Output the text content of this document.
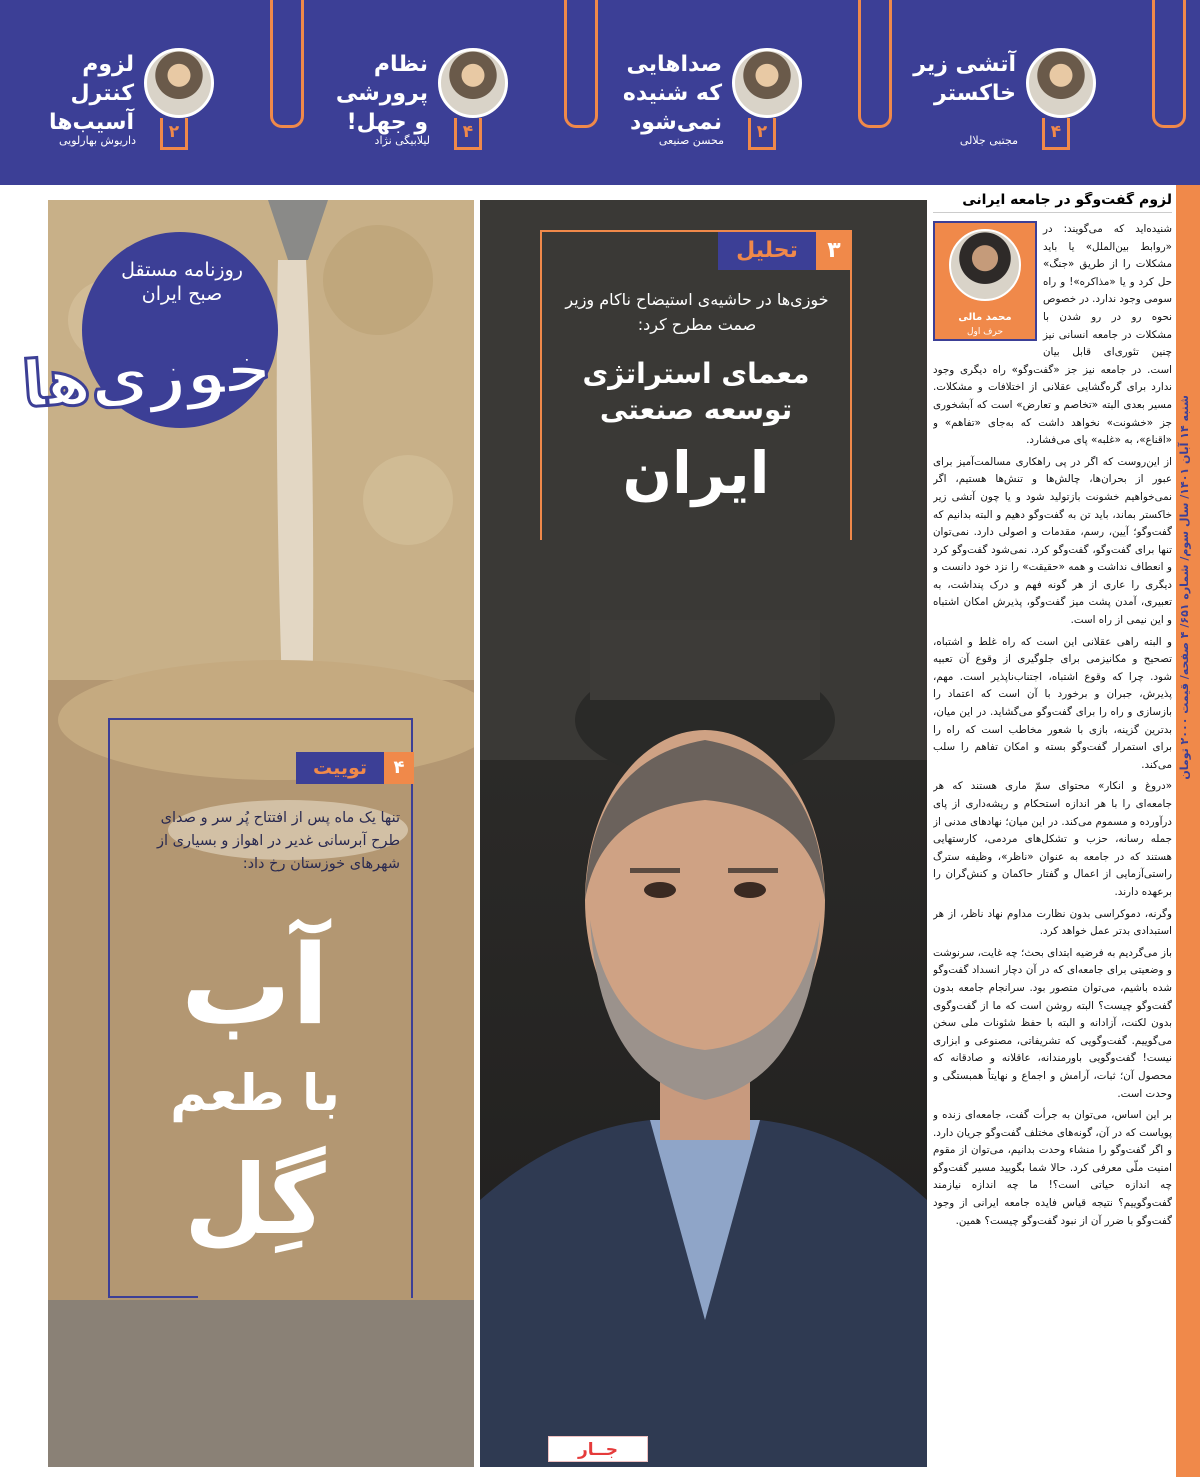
۴
آتشی زیر خاکستر
مجتبی جلالی
۲
صداهایی که شنیده نمی‌شود
محسن صنیعی
۴
نظام پرورشی و جهل!
لیلابیگی نژاد
۲
لزوم کنترل آسیب‌ها
داریوش بهارلویی
شنبه ۱۴ آبان ۱۴۰۱/ سال سوم/ شماره ۶۵۱/ ۴ صفحه/ قیمت ۲۰۰۰ تومان
لزوم گفت‌وگو در جامعه ایرانی
محمد مالی
حرف اول

شنیده‌اید که می‌گویند: در «روابط بین‌الملل» یا باید مشکلات را از طریق «جنگ» حل کرد و یا «مذاکره»! و راه سومی وجود ندارد. در خصوص نحوه رو در رو شدن با مشکلات در جامعه انسانی نیز چنین تئوری‌ای قابل بیان است. در جامعه نیز جز «گفت‌وگو» راه دیگری وجود ندارد برای گره‌گشایی عقلانی از اختلافات و مشکلات. مسیر بعدی البته «تخاصم و تعارض» است که آبشخوری جز «خشونت» نخواهد داشت که به‌جای «تفاهم» و «اقناع»، به «غلبه» پای می‌فشارد.

از این‌روست که اگر در پی راهکاری مسالمت‌آمیز برای عبور از بحران‌ها، چالش‌ها و تنش‌ها هستیم، اگر نمی‌خواهیم خشونت بازتولید شود و یا چون آتشی زیر خاکستر بماند، باید تن به گفت‌وگو دهیم و البته بدانیم که گفت‌وگو؛ آیین، رسم، مقدمات و اصولی دارد. نمی‌توان تنها برای گفت‌وگو، گفت‌وگو کرد. نمی‌شود گفت‌وگو کرد و انعطاف نداشت و همه «حقیقت» را نزد خود دانست و دیگری را عاری از هر گونه فهم و درک پنداشت، به تعبیری، آمدن پشت میز گفت‌وگو، پذیرش امکان اشتباه و این نیمی از راه است.

و البته راهی عقلانی این است که راه غلط و اشتباه، تصحیح و مکانیزمی برای جلوگیری از وقوع آن تعبیه شود. چرا که وقوع اشتباه، اجتناب‌ناپذیر است. مهم، پذیرش، جبران و برخورد با آن است که اعتماد را بازسازی و راه را برای گفت‌وگو می‌گشاید. در این میان، بدترین گزینه، بازی با شعور مخاطب است که راه را برای استمرار گفت‌وگو بسته و امکان تفاهم را سلب می‌کند.

«دروغ و انکار» محتوای سمّ ماری هستند که هر جامعه‌ای را با هر اندازه استحکام و ریشه‌داری از پای درآورده و مسموم می‌کند. در این میان؛ نهادهای مدنی از جمله رسانه، حزب و تشکل‌های مردمی، کارستهایی هستند که در جامعه به عنوان «ناظر»، وظیفه سترگ راستی‌آزمایی از اعمال و گفتار حاکمان و کنش‌گران را برعهده دارند.

وگرنه، دموکراسی بدون نظارت مداوم نهاد ناظر، از هر استبدادی بدتر عمل خواهد کرد.

باز می‌گردیم به فرضیه ابتدای بحث؛ چه غایت، سرنوشت و وضعیتی برای جامعه‌ای که در آن دچار انسداد گفت‌وگو شده باشیم، می‌توان متصور بود. سرانجام جامعه بدون گفت‌وگو چیست؟ البته روشن است که ما از گفت‌وگوی بدون لکنت، آزادانه و البته با حفظ شئونات ملی سخن می‌گوییم. گفت‌وگویی که تشریفاتی، مصنوعی و ابزاری نیست! گفت‌وگویی باورمندانه، عاقلانه و صادقانه که محصول آن؛ ثبات، آرامش و اجماع و نهایتاً همبستگی و وحدت است.

بر این اساس، می‌توان به جرأت گفت، جامعه‌ای زنده و پویاست که در آن، گونه‌های مختلف گفت‌وگو جریان دارد. و اگر گفت‌وگو را منشاء وحدت بدانیم، می‌توان از مقوم امنیت ملّی معرفی کرد. حالا شما بگویید مسیر گفت‌وگو چه اندازه حیاتی است؟! ما چه اندازه نیازمند گفت‌وگوییم؟ نتیجه قیاس فایده جامعه ایرانی از وجود گفت‌وگو با ضرر آن از نبود گفت‌وگو چیست؟ همین.

۳
تحلیل
خوزی‌ها در حاشیه‌ی استیضاح ناکام وزیر صمت مطرح کرد:
معمای استراتژی توسعه صنعتی
ایران
روزنامه مستقل صبح ایران
خوزی‌ها
۴
توییت
تنها یک ماه پس از افتتاح پُر سر و صدای طرح آبرسانی غدیر در اهواز و بسیاری از شهرهای خوزستان رخ داد:
آب
با طعم
گِل
جــار
